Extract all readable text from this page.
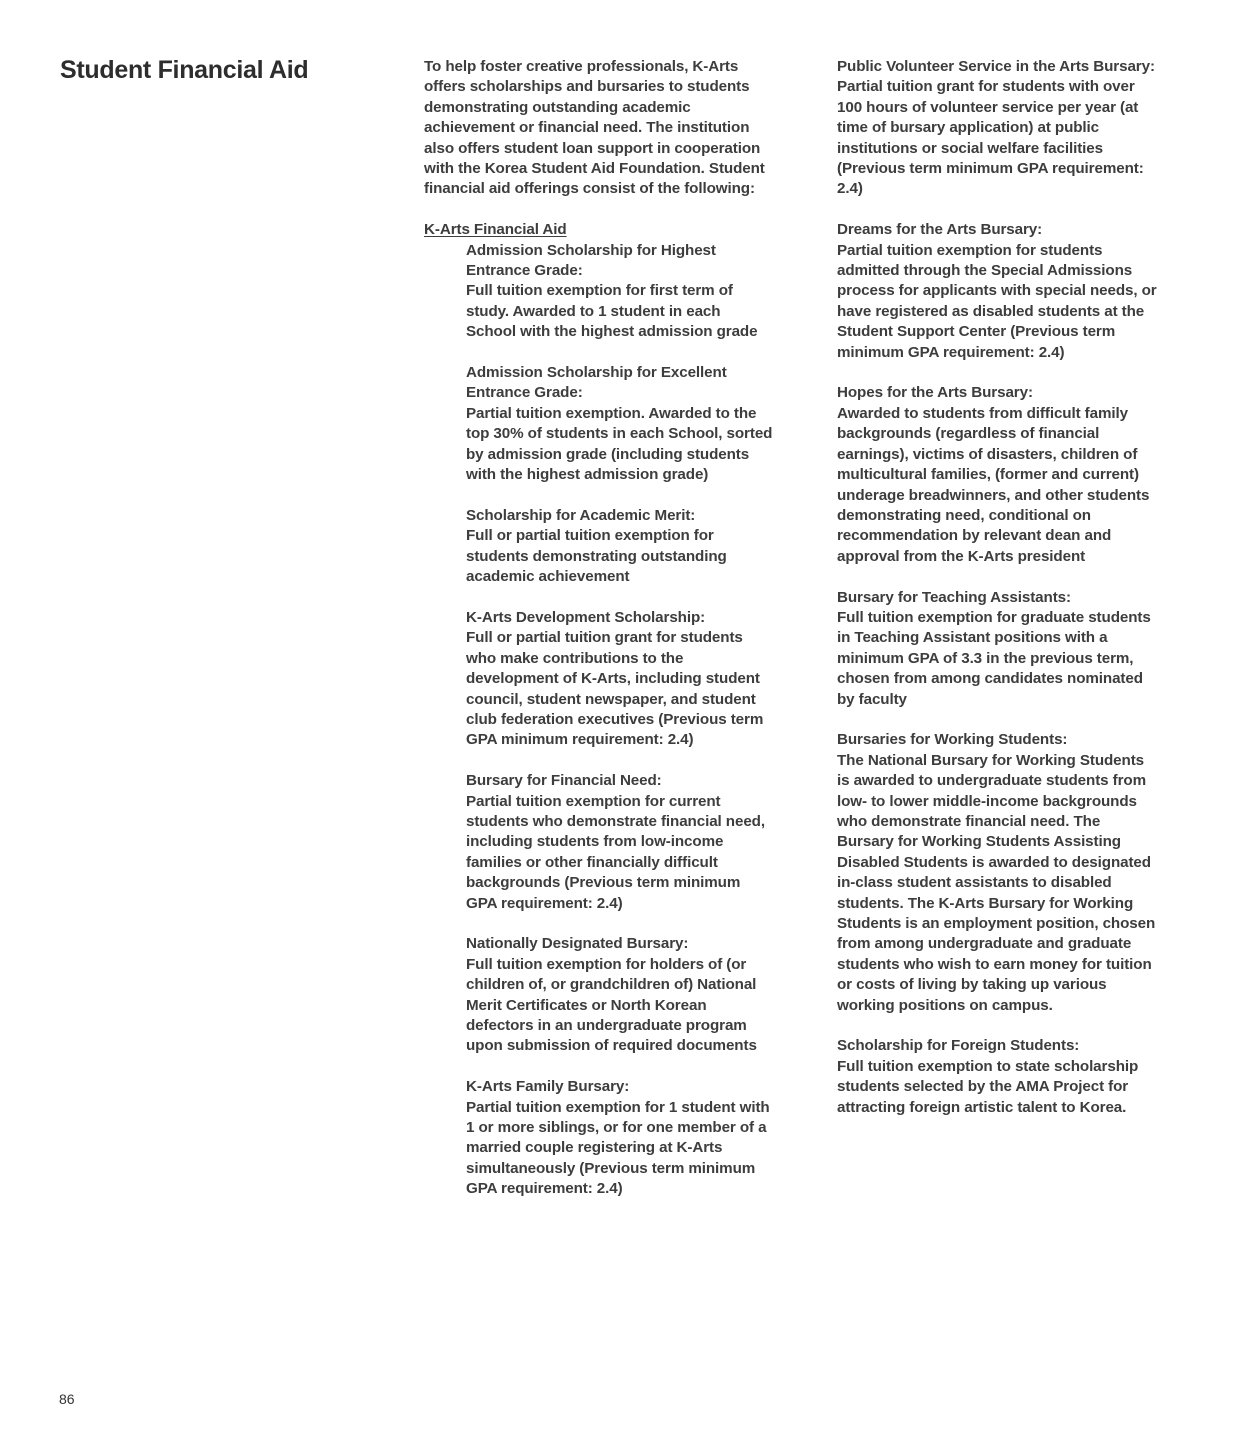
Student Financial Aid	To help foster creative professionals, K-Arts offers scholarships and bursaries to students demonstrating outstanding academic achievement or financial need. The institution also offers student loan support in cooperation with the Korea Student Aid Foundation. Student financial aid offerings consist of the following:

K-Arts Financial Aid

Admission Scholarship for Highest Entrance Grade:
Full tuition exemption for first term of study. Awarded to 1 student in each School with the highest admission grade
Admission Scholarship for Excellent Entrance Grade:
Partial tuition exemption. Awarded to the top 30% of students in each School, sorted by admission grade (including students with the highest admission grade)
Scholarship for Academic Merit:
Full or partial tuition exemption for students demonstrating outstanding academic achievement
K-Arts Development Scholarship:
Full or partial tuition grant for students who make contributions to the development of K-Arts, including student council, student newspaper, and student club federation executives (Previous term GPA minimum requirement: 2.4)
Bursary for Financial Need:
Partial tuition exemption for current students who demonstrate financial need, including students from low-income families or other financially difficult backgrounds (Previous term minimum GPA requirement: 2.4)
Nationally Designated Bursary:
Full tuition exemption for holders of (or children of, or grandchildren of) National Merit Certificates or North Korean defectors in an undergraduate program upon submission of required documents
K-Arts Family Bursary:
Partial tuition exemption for 1 student with 1 or more siblings, or for one member of a married couple registering at K-Arts simultaneously (Previous term minimum GPA requirement: 2.4)
Public Volunteer Service in the Arts Bursary:
Partial tuition grant for students with over 100 hours of volunteer service per year (at time of bursary application) at public institutions or social welfare facilities (Previous term minimum GPA requirement: 2.4)
Dreams for the Arts Bursary:
Partial tuition exemption for students admitted through the Special Admissions process for applicants with special needs, or have registered as disabled students at the Student Support Center (Previous term minimum GPA requirement: 2.4)
Hopes for the Arts Bursary:
Awarded to students from difficult family backgrounds (regardless of financial earnings), victims of disasters, children of multicultural families, (former and current) underage breadwinners, and other students demonstrating need, conditional on recommendation by relevant dean and approval from the K-Arts president
Bursary for Teaching Assistants:
Full tuition exemption for graduate students in Teaching Assistant positions with a minimum GPA of 3.3 in the previous term, chosen from among candidates nominated by faculty
Bursaries for Working Students:
The National Bursary for Working Students is awarded to undergraduate students from low- to lower middle-income backgrounds who demonstrate financial need. The Bursary for Working Students Assisting Disabled Students is awarded to designated in-class student assistants to disabled students. The K-Arts Bursary for Working Students is an employment position, chosen from among undergraduate and graduate students who wish to earn money for tuition or costs of living by taking up various working positions on campus.
Scholarship for Foreign Students:
Full tuition exemption to state scholarship students selected by the AMA Project for attracting foreign artistic talent to Korea.
86
